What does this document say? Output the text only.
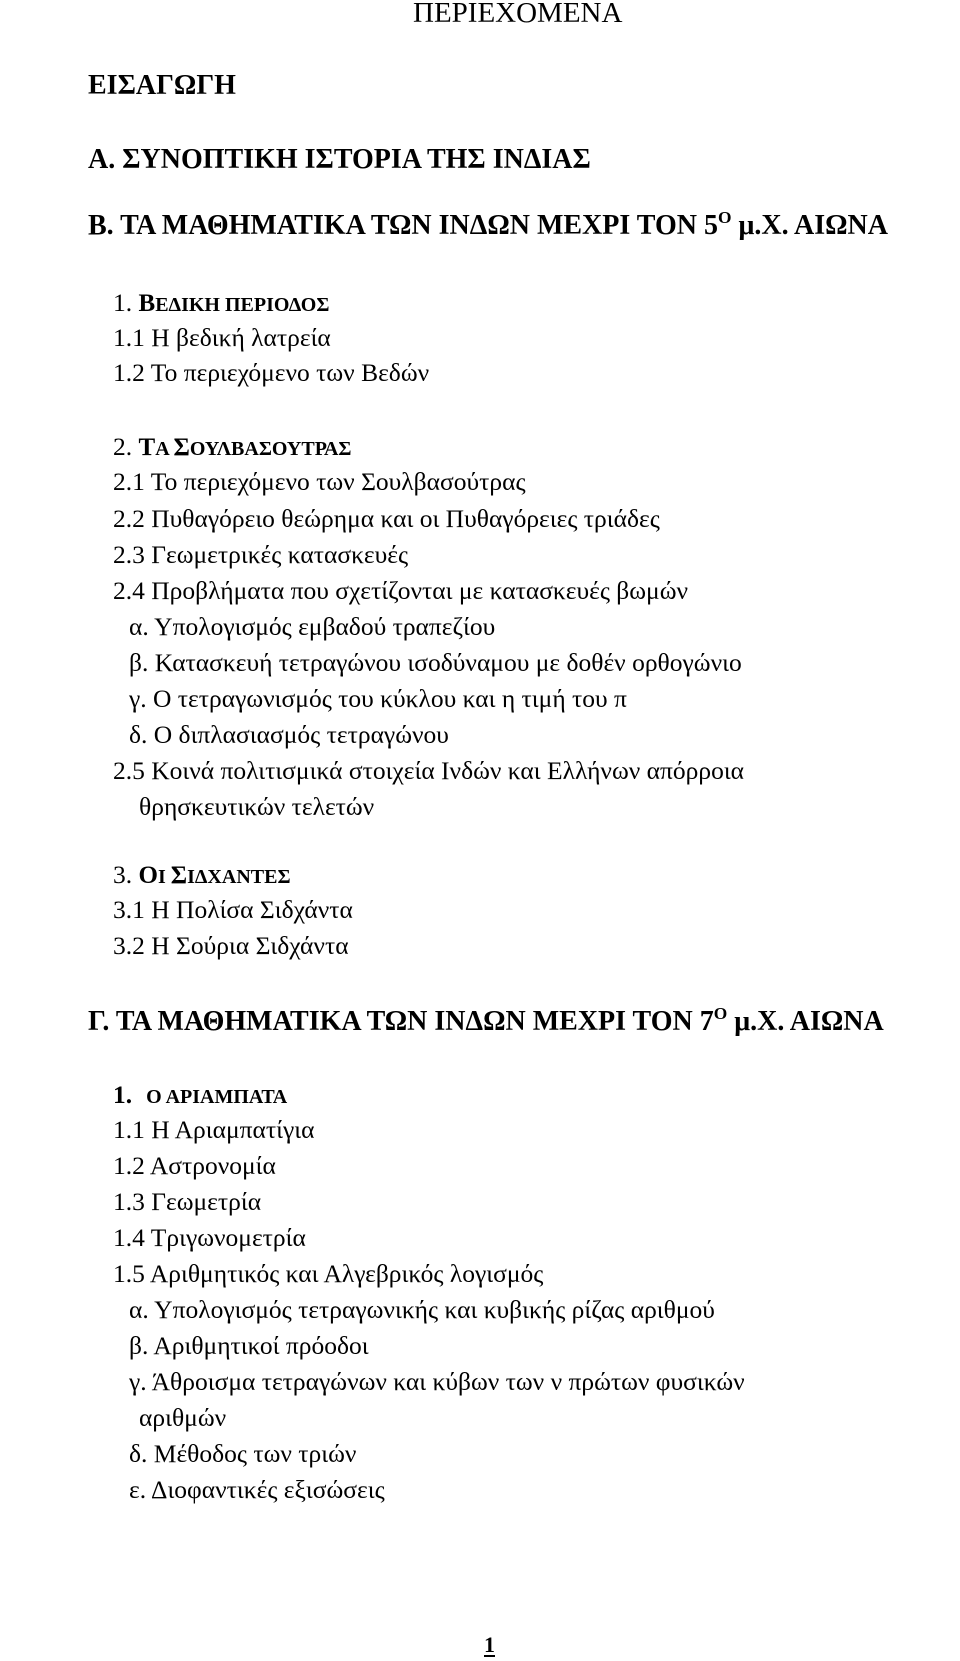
ΠΕΡΙΕΧΟΜΕΝΑ
ΕΙΣΑΓΩΓΗ
Α. ΣΥΝΟΠΤΙΚΗ ΙΣΤΟΡΙΑ ΤΗΣ ΙΝΔΙΑΣ
Β. ΤΑ ΜΑΘΗΜΑΤΙΚΑ ΤΩΝ ΙΝΔΩΝ ΜΕΧΡΙ ΤΟΝ $5^O$ μ.Χ. ΑΙΩΝΑ
1. ΒΕΔΙΚΗ ΠΕΡΙΟΔΟΣ
1.1 Η βεδική λατρεία
1.2 Το περιεχόμενο των Βεδών
2. ΤΑ ΣΟΥΛΒΑΣΟΥΤΡΑΣ
2.1 Το περιεχόμενο των Σουλβασούτρας
2.2 Πυθαγόρειο θεώρημα και οι Πυθαγόρειες τριάδες
2.3 Γεωμετρικές κατασκευές
2.4 Προβλήματα που σχετίζονται με κατασκευές βωμών
α. Υπολογισμός εμβαδού τραπεζίου
β. Κατασκευή τετραγώνου ισοδύναμου με δοθέν ορθογώνιο
γ. Ο τετραγωνισμός του κύκλου και η τιμή του π
δ. Ο διπλασιασμός τετραγώνου
2.5 Κοινά πολιτισμικά στοιχεία Ινδών και Ελλήνων απόρροια
θρησκευτικών τελετών
3. ΟΙ ΣΙΔΧΑΝΤΕΣ
3.1 Η Πολίσα Σιδχάντα
3.2 Η Σούρια Σιδχάντα
Γ. ΤΑ ΜΑΘΗΜΑΤΙΚΑ ΤΩΝ ΙΝΔΩΝ ΜΕΧΡΙ ΤΟΝ $7^O$ μ.Χ. ΑΙΩΝΑ
1. Ο ΑΡΙΑΜΠΑΤΑ
1.1 Η Αριαμπατίγια
1.2 Αστρονομία
1.3 Γεωμετρία
1.4 Τριγωνομετρία
1.5 Αριθμητικός και Αλγεβρικός λογισμός
α. Υπολογισμός τετραγωνικής και κυβικής ρίζας αριθμού
β. Αριθμητικοί πρόοδοι
γ. Άθροισμα τετραγώνων και κύβων των ν πρώτων φυσικών
αριθμών
δ. Μέθοδος των τριών
ε. Διοφαντικές εξισώσεις
1
